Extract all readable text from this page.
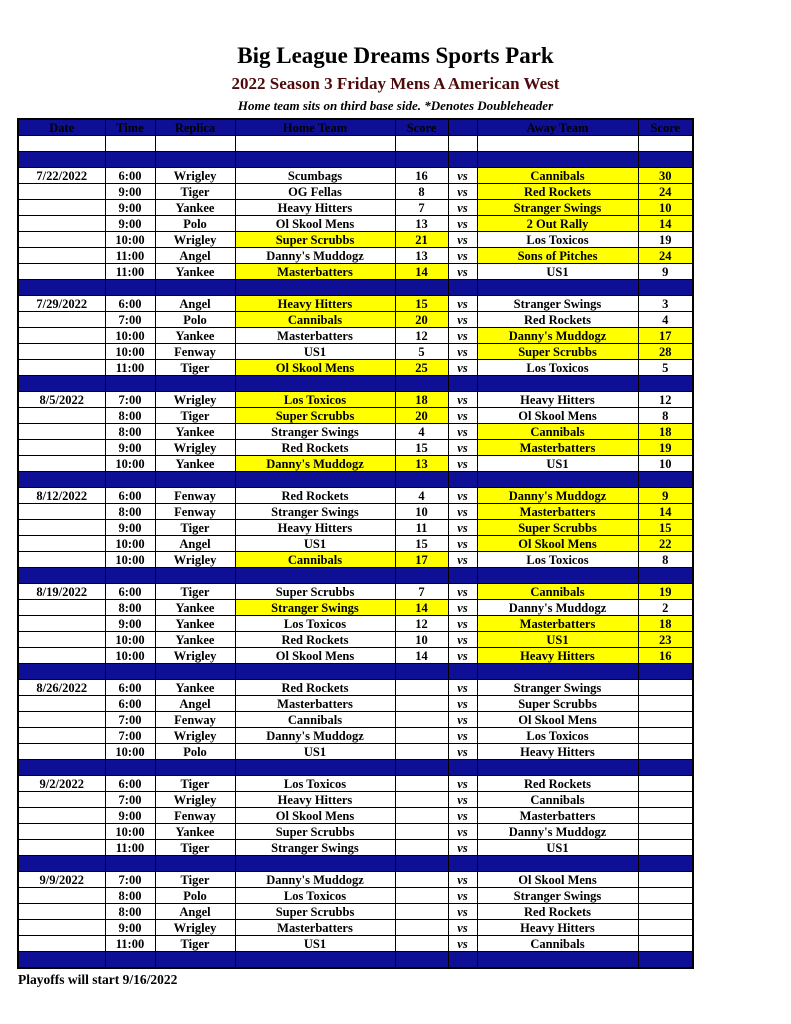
Big League Dreams Sports Park
2022 Season 3 Friday Mens A American West
Home team sits on third base side. *Denotes Doubleheader
Date	Time	Replica	Home Team	Score		Away Team	Score

7/22/2022	6:00	Wrigley	Scumbags	16	vs	Cannibals	30
	9:00	Tiger	OG Fellas	8	vs	Red Rockets	24
	9:00	Yankee	Heavy Hitters	7	vs	Stranger Swings	10
	9:00	Polo	Ol Skool Mens	13	vs	2 Out Rally	14
	10:00	Wrigley	Super Scrubbs	21	vs	Los Toxicos	19
	11:00	Angel	Danny's Muddogz	13	vs	Sons of Pitches	24
	11:00	Yankee	Masterbatters	14	vs	US1	9

7/29/2022	6:00	Angel	Heavy Hitters	15	vs	Stranger Swings	3
	7:00	Polo	Cannibals	20	vs	Red Rockets	4
	10:00	Yankee	Masterbatters	12	vs	Danny's Muddogz	17
	10:00	Fenway	US1	5	vs	Super Scrubbs	28
	11:00	Tiger	Ol Skool Mens	25	vs	Los Toxicos	5

8/5/2022	7:00	Wrigley	Los Toxicos	18	vs	Heavy Hitters	12
	8:00	Tiger	Super Scrubbs	20	vs	Ol Skool Mens	8
	8:00	Yankee	Stranger Swings	4	vs	Cannibals	18
	9:00	Wrigley	Red Rockets	15	vs	Masterbatters	19
	10:00	Yankee	Danny's Muddogz	13	vs	US1	10

8/12/2022	6:00	Fenway	Red Rockets	4	vs	Danny's Muddogz	9
	8:00	Fenway	Stranger Swings	10	vs	Masterbatters	14
	9:00	Tiger	Heavy Hitters	11	vs	Super Scrubbs	15
	10:00	Angel	US1	15	vs	Ol Skool Mens	22
	10:00	Wrigley	Cannibals	17	vs	Los Toxicos	8

8/19/2022	6:00	Tiger	Super Scrubbs	7	vs	Cannibals	19
	8:00	Yankee	Stranger Swings	14	vs	Danny's Muddogz	2
	9:00	Yankee	Los Toxicos	12	vs	Masterbatters	18
	10:00	Yankee	Red Rockets	10	vs	US1	23
	10:00	Wrigley	Ol Skool Mens	14	vs	Heavy Hitters	16

8/26/2022	6:00	Yankee	Red Rockets		vs	Stranger Swings	
	6:00	Angel	Masterbatters		vs	Super Scrubbs	
	7:00	Fenway	Cannibals		vs	Ol Skool Mens	
	7:00	Wrigley	Danny's Muddogz		vs	Los Toxicos	
	10:00	Polo	US1		vs	Heavy Hitters	

9/2/2022	6:00	Tiger	Los Toxicos		vs	Red Rockets	
	7:00	Wrigley	Heavy Hitters		vs	Cannibals	
	9:00	Fenway	Ol Skool Mens		vs	Masterbatters	
	10:00	Yankee	Super Scrubbs		vs	Danny's Muddogz	
	11:00	Tiger	Stranger Swings		vs	US1	

9/9/2022	7:00	Tiger	Danny's Muddogz		vs	Ol Skool Mens	
	8:00	Polo	Los Toxicos		vs	Stranger Swings	
	8:00	Angel	Super Scrubbs		vs	Red Rockets	
	9:00	Wrigley	Masterbatters		vs	Heavy Hitters	
	11:00	Tiger	US1		vs	Cannibals	

Playoffs will start 9/16/2022
